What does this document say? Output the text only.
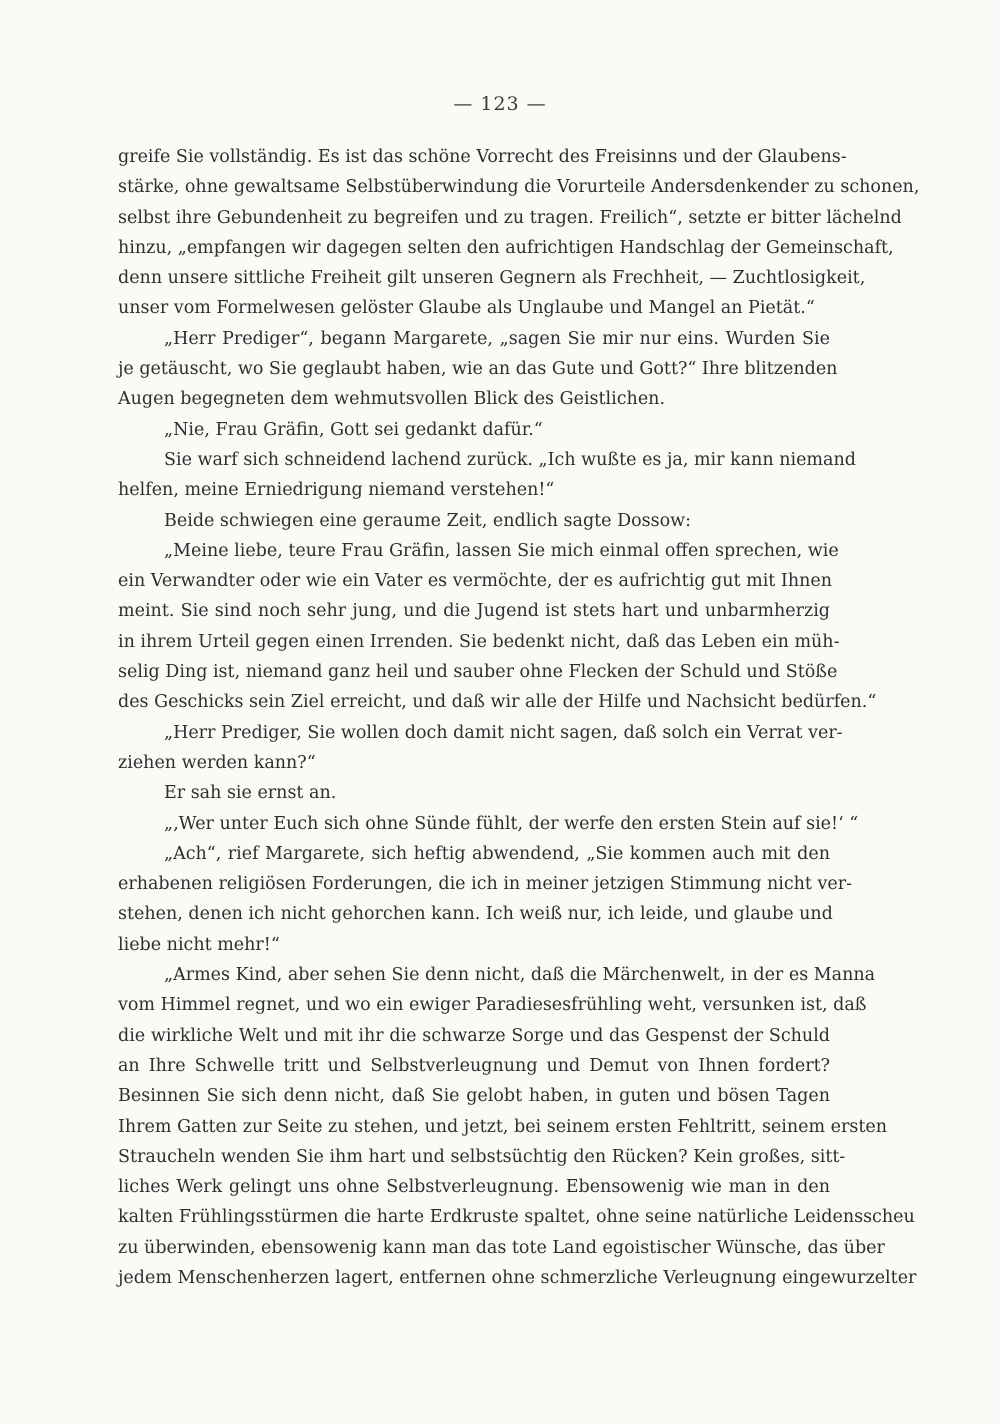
— 123 —
greife Sie vollständig. Es ist das schöne Vorrecht des Freisinns und der Glaubens-
stärke, ohne gewaltsame Selbstüberwindung die Vorurteile Andersdenkender zu schonen,
selbst ihre Gebundenheit zu begreifen und zu tragen. Freilich“, setzte er bitter lächelnd
hinzu, „empfangen wir dagegen selten den aufrichtigen Handschlag der Gemeinschaft,
denn unsere sittliche Freiheit gilt unseren Gegnern als Frechheit, — Zuchtlosigkeit,
unser vom Formelwesen gelöster Glaube als Unglaube und Mangel an Pietät.“
„Herr Prediger“, begann Margarete, „sagen Sie mir nur eins. Wurden Sie
je getäuscht, wo Sie geglaubt haben, wie an das Gute und Gott?“ Ihre blitzenden
Augen begegneten dem wehmutsvollen Blick des Geistlichen.
„Nie, Frau Gräfin, Gott sei gedankt dafür.“
Sie warf sich schneidend lachend zurück. „Ich wußte es ja, mir kann niemand
helfen, meine Erniedrigung niemand verstehen!“
Beide schwiegen eine geraume Zeit, endlich sagte Dossow:
„Meine liebe, teure Frau Gräfin, lassen Sie mich einmal offen sprechen, wie
ein Verwandter oder wie ein Vater es vermöchte, der es aufrichtig gut mit Ihnen
meint. Sie sind noch sehr jung, und die Jugend ist stets hart und unbarmherzig
in ihrem Urteil gegen einen Irrenden. Sie bedenkt nicht, daß das Leben ein müh-
selig Ding ist, niemand ganz heil und sauber ohne Flecken der Schuld und Stöße
des Geschicks sein Ziel erreicht, und daß wir alle der Hilfe und Nachsicht bedürfen.“
„Herr Prediger, Sie wollen doch damit nicht sagen, daß solch ein Verrat ver-
ziehen werden kann?“
Er sah sie ernst an.
„‚Wer unter Euch sich ohne Sünde fühlt, der werfe den ersten Stein auf sie!‘ “
„Ach“, rief Margarete, sich heftig abwendend, „Sie kommen auch mit den
erhabenen religiösen Forderungen, die ich in meiner jetzigen Stimmung nicht ver-
stehen, denen ich nicht gehorchen kann. Ich weiß nur, ich leide, und glaube und
liebe nicht mehr!“
„Armes Kind, aber sehen Sie denn nicht, daß die Märchenwelt, in der es Manna
vom Himmel regnet, und wo ein ewiger Paradiesesfrühling weht, versunken ist, daß
die wirkliche Welt und mit ihr die schwarze Sorge und das Gespenst der Schuld
an Ihre Schwelle tritt und Selbstverleugnung und Demut von Ihnen fordert?
Besinnen Sie sich denn nicht, daß Sie gelobt haben, in guten und bösen Tagen
Ihrem Gatten zur Seite zu stehen, und jetzt, bei seinem ersten Fehltritt, seinem ersten
Straucheln wenden Sie ihm hart und selbstsüchtig den Rücken? Kein großes, sitt-
liches Werk gelingt uns ohne Selbstverleugnung. Ebensowenig wie man in den
kalten Frühlingsstürmen die harte Erdkruste spaltet, ohne seine natürliche Leidensscheu
zu überwinden, ebensowenig kann man das tote Land egoistischer Wünsche, das über
jedem Menschenherzen lagert, entfernen ohne schmerzliche Verleugnung eingewurzelter
